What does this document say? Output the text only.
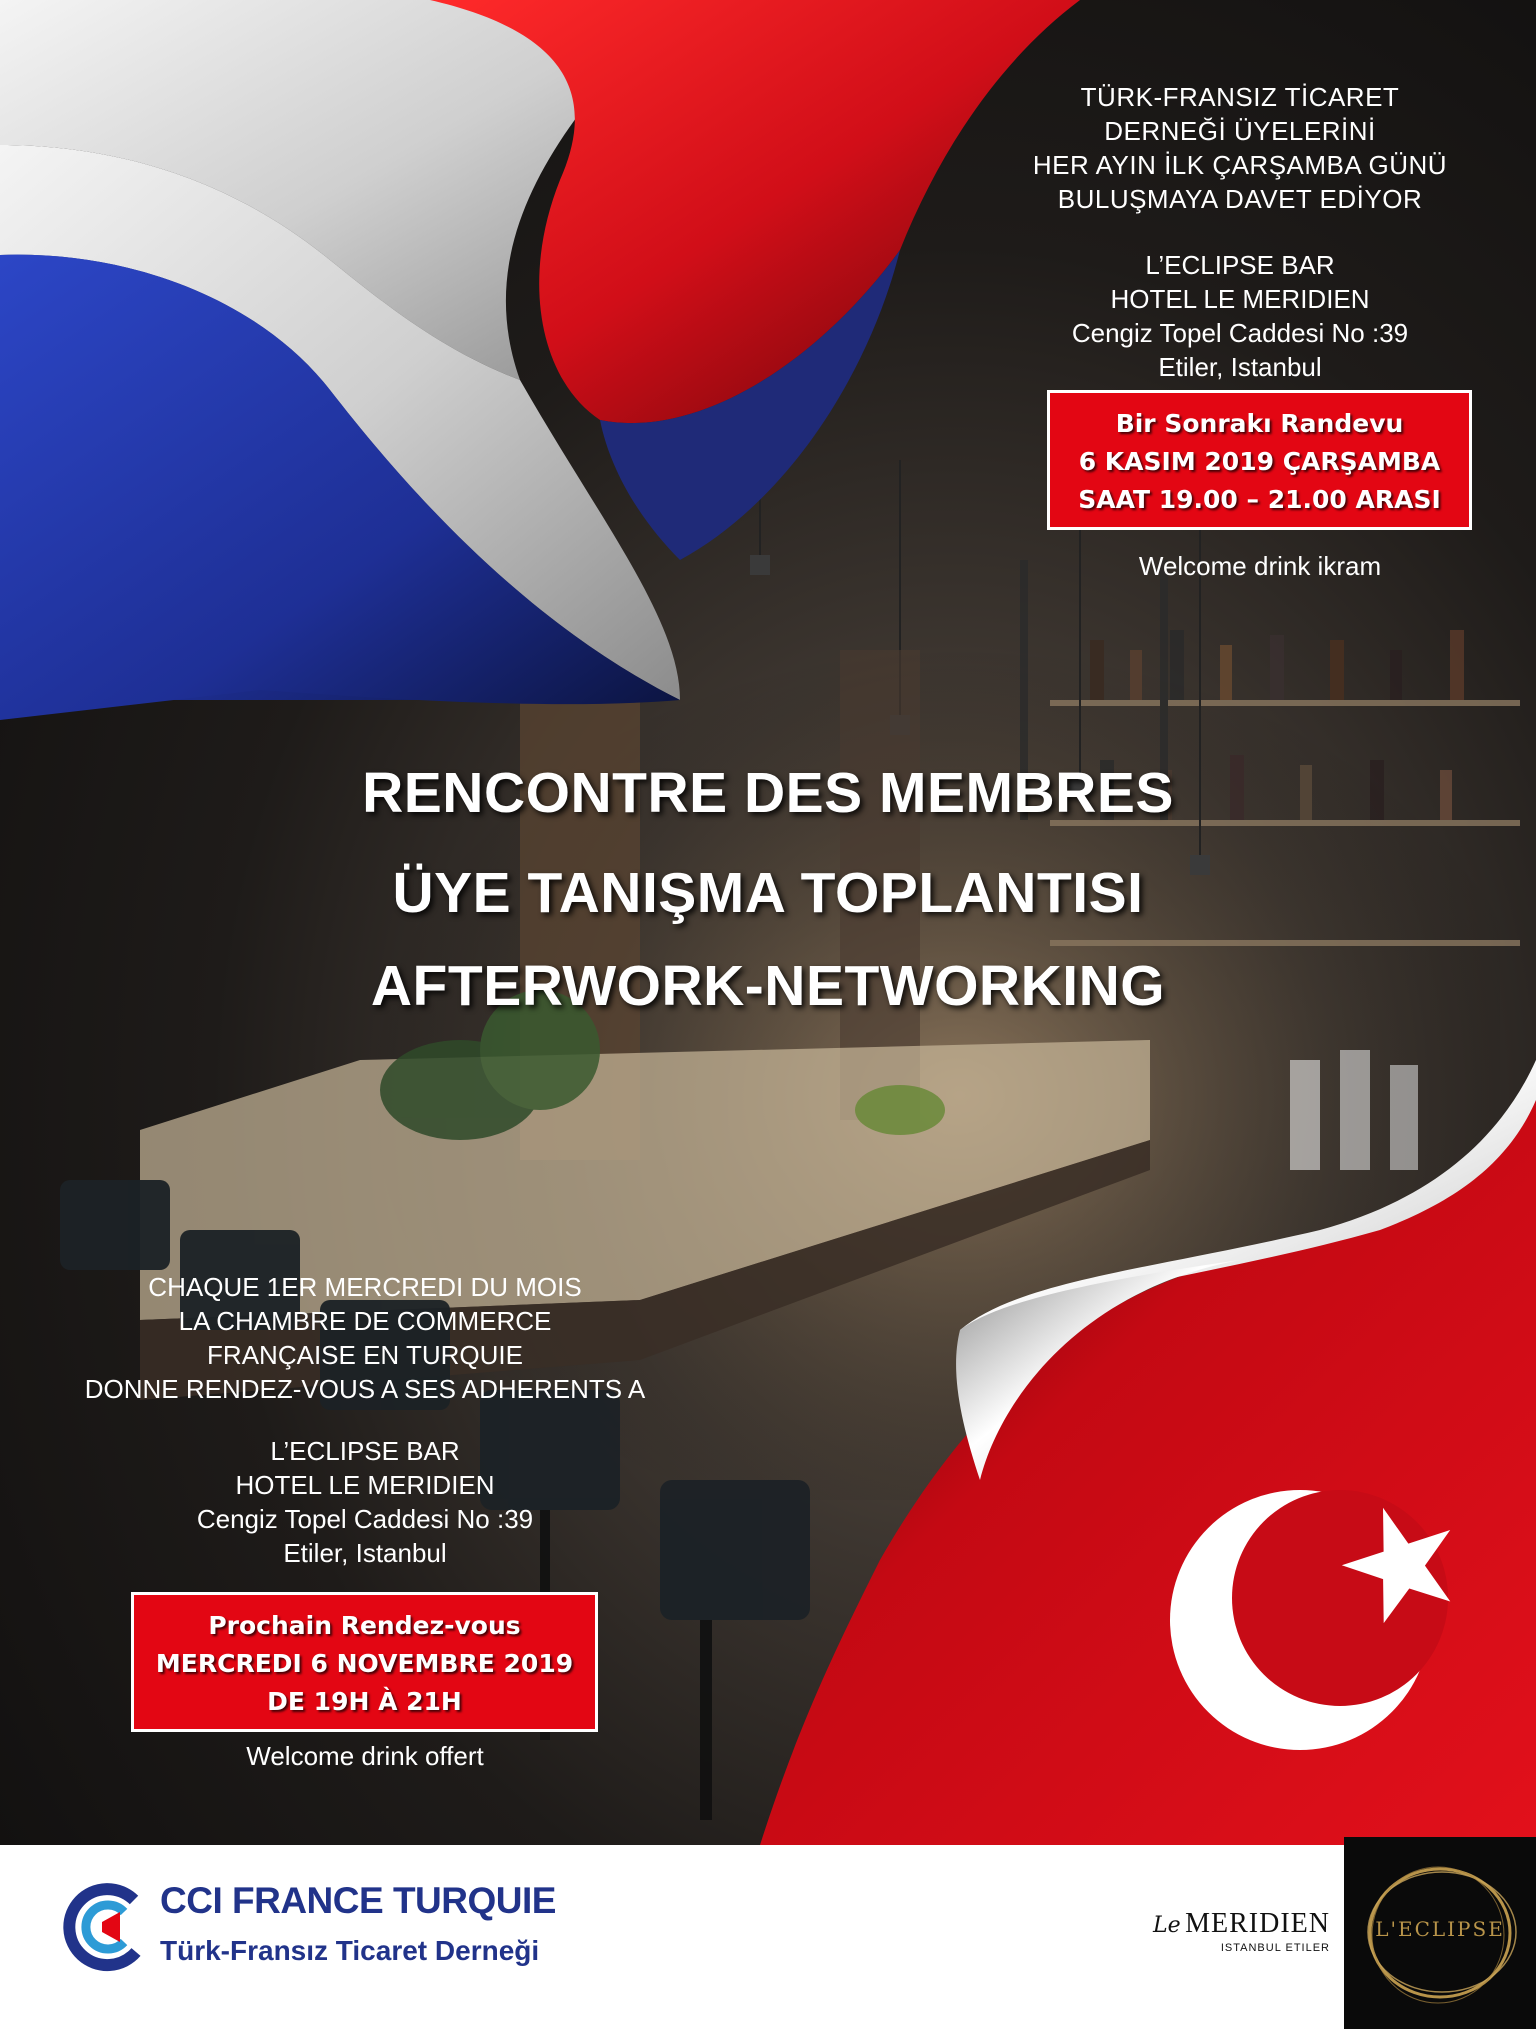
TÜRK-FRANSIZ TİCARET
DERNEĞİ ÜYELERİNİ
HER AYIN İLK ÇARŞAMBA GÜNÜ
BULUŞMAYA DAVET EDİYOR
L’ECLIPSE BAR
HOTEL LE MERIDIEN
Cengiz Topel Caddesi No :39
Etiler, Istanbul
Bir Sonrakı Randevu
6 KASIM 2019 ÇARŞAMBA
SAAT 19.00 – 21.00 ARASI
Welcome drink ikram
RENCONTRE DES MEMBRES
ÜYE TANIŞMA TOPLANTISI
AFTERWORK-NETWORKING
CHAQUE 1ER MERCREDI DU MOIS
LA CHAMBRE DE COMMERCE
FRANÇAISE EN TURQUIE
DONNE RENDEZ-VOUS A SES ADHERENTS A
L’ECLIPSE BAR
HOTEL LE MERIDIEN
Cengiz Topel Caddesi No :39
Etiler, Istanbul
Prochain Rendez-vous
MERCREDI 6 NOVEMBRE 2019
DE 19H À 21H
Welcome drink offert
CCI FRANCE TURQUIE
Türk-Fransız Ticaret Derneği
Le MERIDIEN
ISTANBUL ETILER
L'ECLIPSE
